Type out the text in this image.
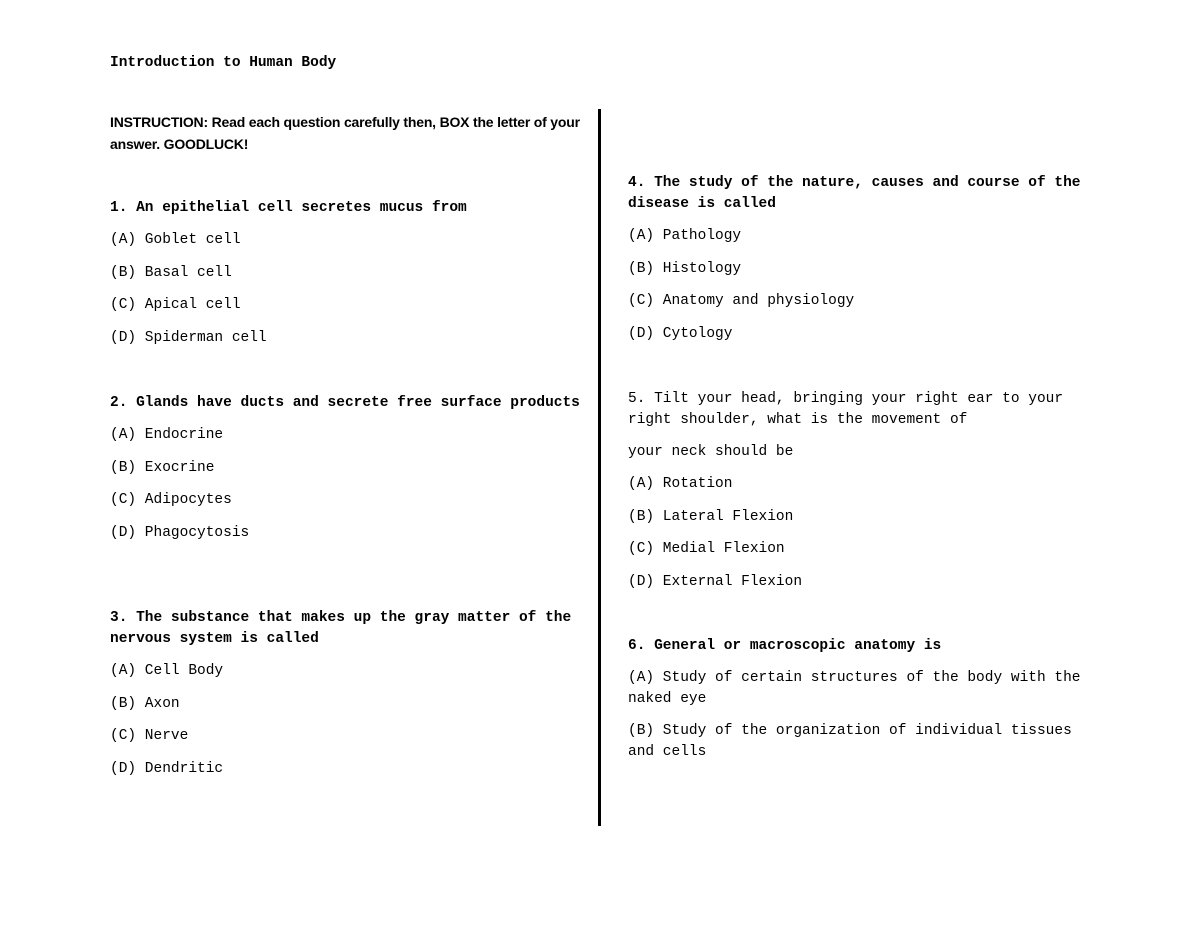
Introduction to Human Body
INSTRUCTION: Read each question carefully then, BOX the letter of your answer. GOODLUCK!
1. An epithelial cell secretes mucus from
(A) Goblet cell
(B) Basal cell
(C) Apical cell
(D) Spiderman cell
2. Glands have ducts and secrete free surface products
(A) Endocrine
(B) Exocrine
(C) Adipocytes
(D) Phagocytosis
3. The substance that makes up the gray matter of the nervous system is called
(A) Cell Body
(B) Axon
(C) Nerve
(D) Dendritic
4. The study of the nature, causes and course of the disease is called
(A) Pathology
(B) Histology
(C) Anatomy and physiology
(D) Cytology
5. Tilt your head, bringing your right ear to your right shoulder, what is the movement of
your neck should be
(A) Rotation
(B) Lateral Flexion
(C) Medial Flexion
(D) External Flexion
6. General or macroscopic anatomy is
(A) Study of certain structures of the body with the naked eye
(B) Study of the organization of individual tissues and cells
